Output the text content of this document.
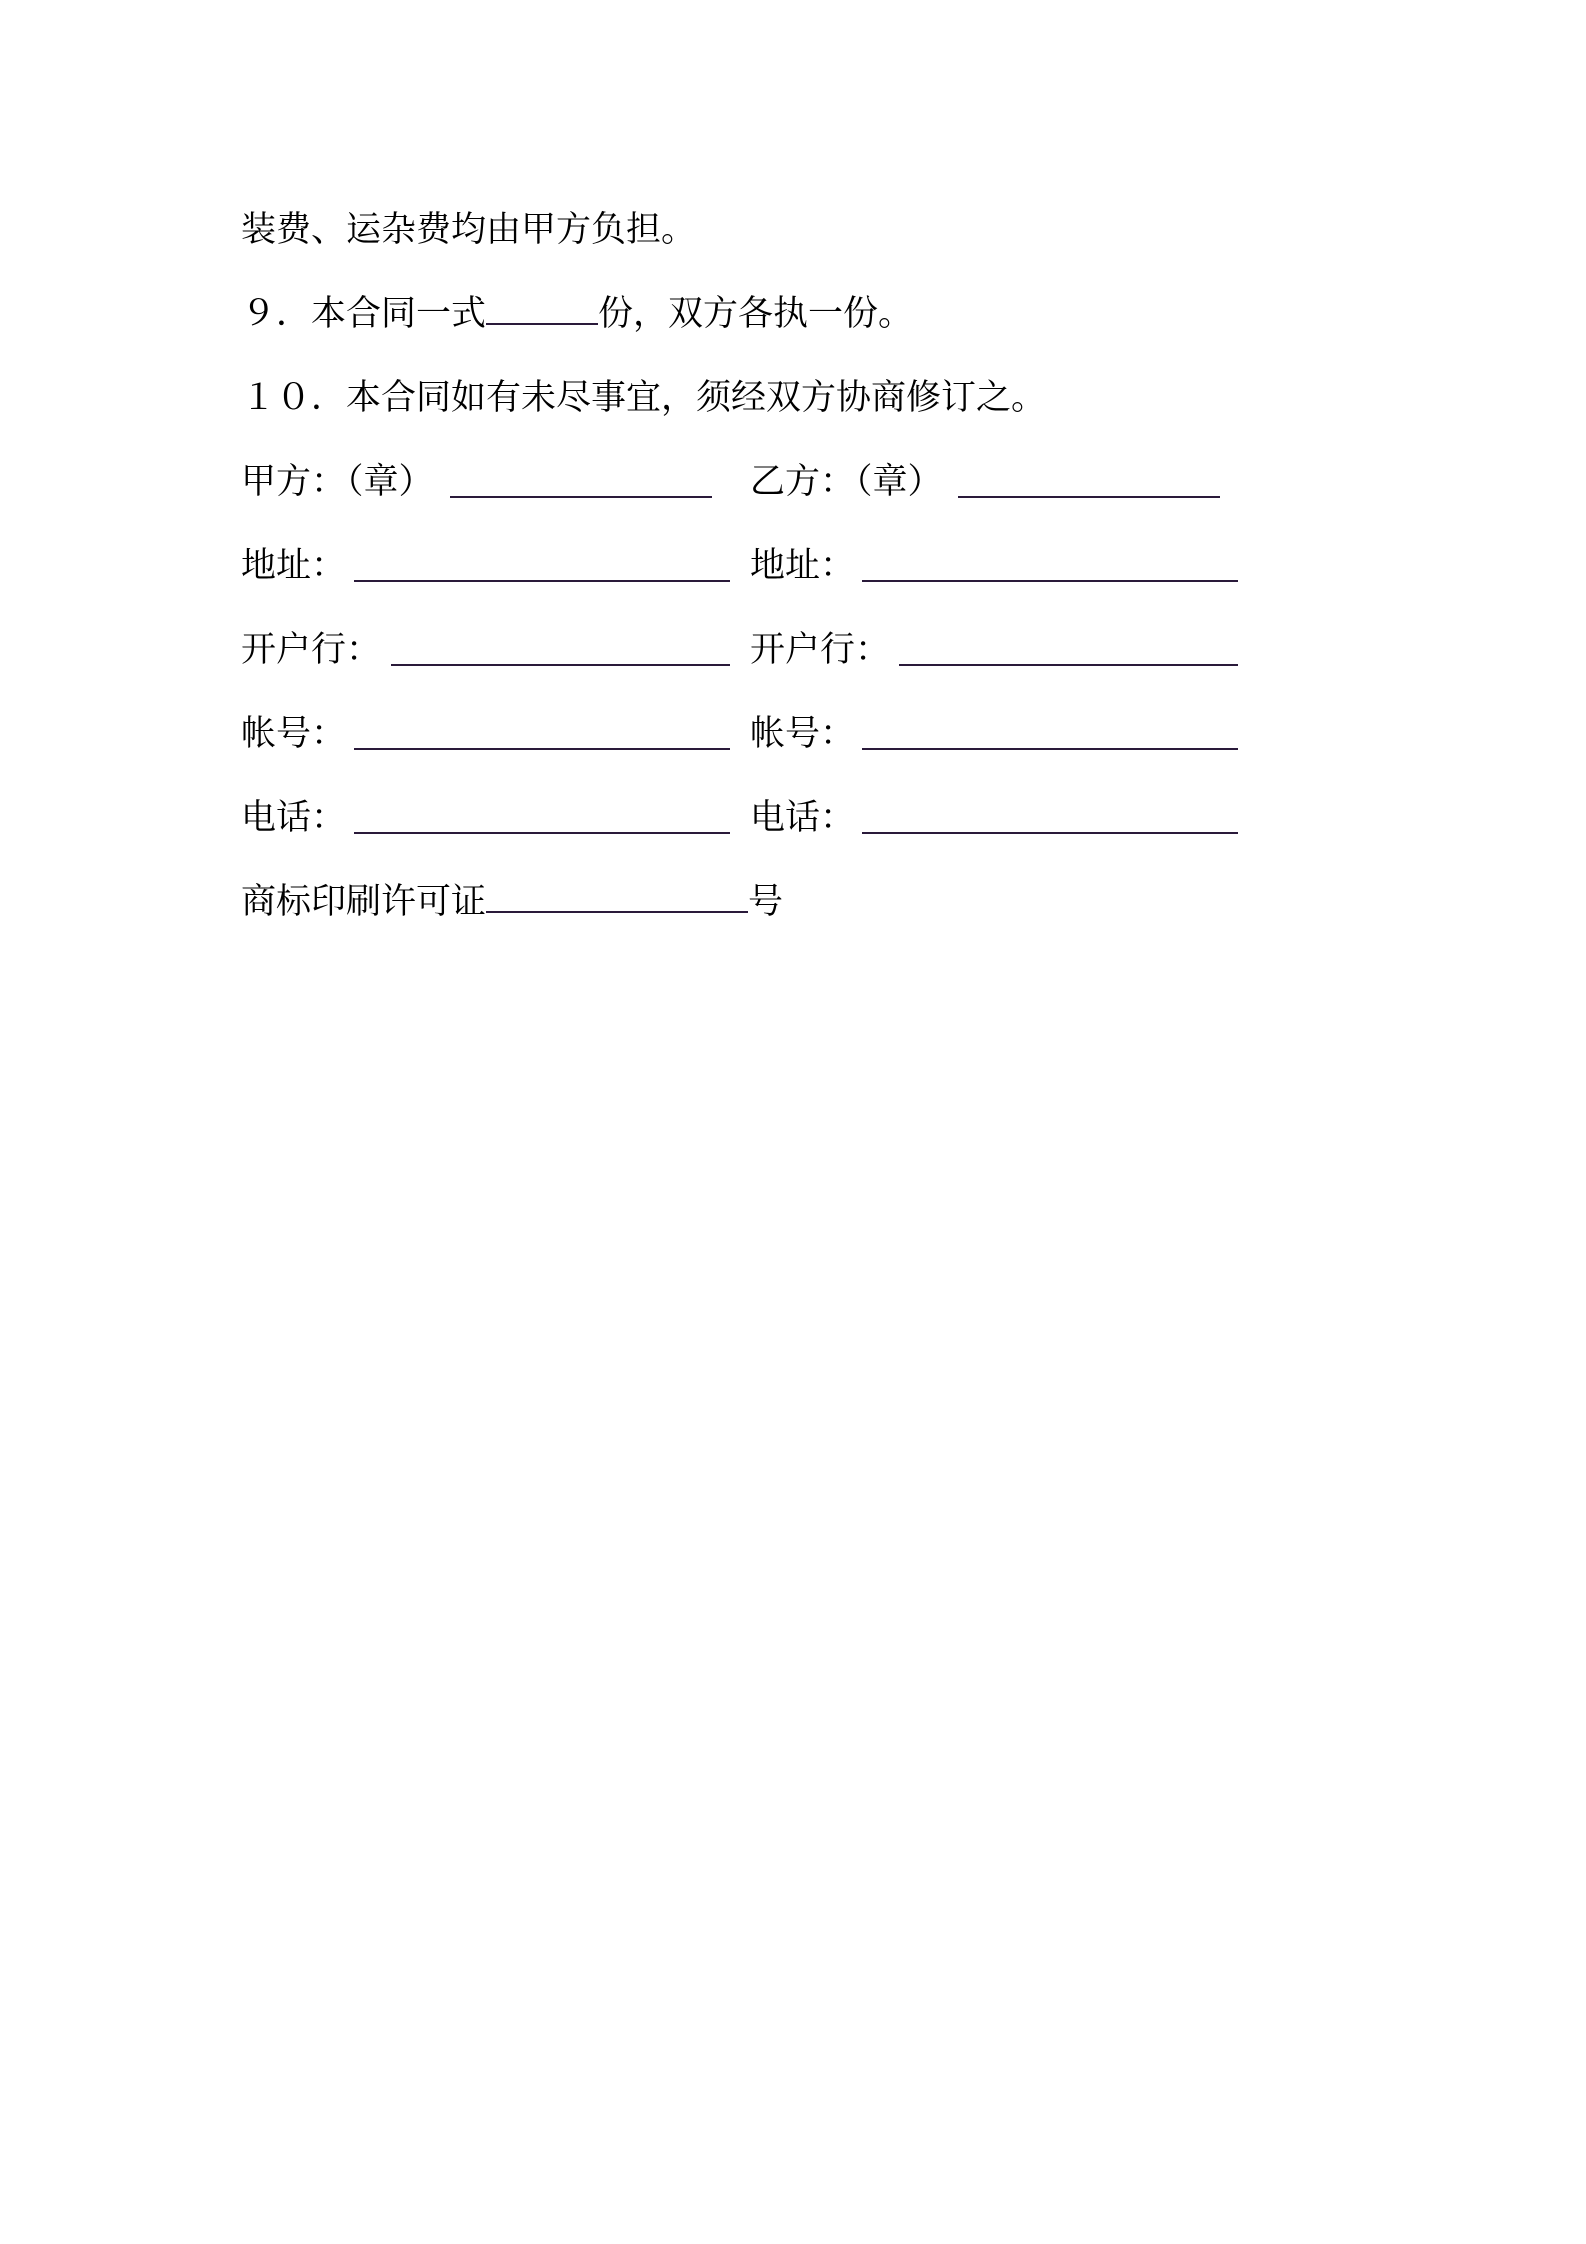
装费、运杂费均由甲方负担。
９．本合同一式	份，双方各执一份。
１０．本合同如有未尽事宜，须经双方协商修订之。
甲方：（章）
地址：
开户行：
帐号：
电话：
乙方：（章）
地址：
开户行：
帐号：
电话：
商标印刷许可证	号
